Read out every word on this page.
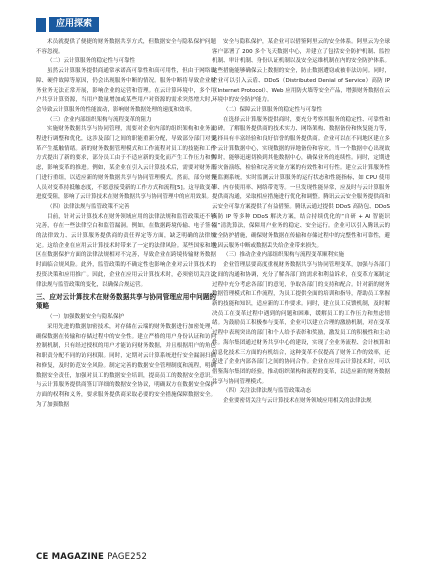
应用探索

术员就提供了便捷的财务数据共享方式，但数据安全与隐私保护问题不容忽视。

（二）云计算服务的稳定性与可靠性

虽然云计算服务提供商通常承诺高可靠性和高可用性，但由于网络故障、硬件故障等原因，仍会出现服务中断的情况。服务中断将导致企业财务业务无法正常开展，影响企业的运营和管理。在云计算环境中，多个用户共享计算资源，当用户数量增加或某些用户对资源的需求突然增大时，会导致云计算服务的性能波动，影响财务数据处理的速度和效率。

（三）企业内部组织架构与流程变革的阻力

实施财务数据共享与协同管理，需要对企业内部的组织架构和业务流程进行调整和优化，这涉及部门之间的职能重新分配，导致部分部门对变革产生抵触情绪。新的财务数据管理模式和工作流程对员工的技能和工作方式提出了新的要求，部分员工由于不适应新的变化而产生工作压力和焦虑，影响变革的推进。例如，某企业在引入云计算技术后，需要对财务部门进行重组，以适应新的财务数据共享与协同管理模式。然而，部分财务人员对变革持抵触态度，不愿意接受新的工作方式和流程[5]。这导致变革进度受阻，影响了云计算技术在财务数据共享与协同管理中的应用效果。

（四）法律法规与监管政策不完善

目前，针对云计算技术在财务领域应用的法律法规和监管政策还不够完善，存在一些法律空白和监管漏洞。例如，在数据跨境传输、电子签名的法律效力、云计算服务提供商的责任界定等方面，缺乏明确的法律规定。这给企业在应用云计算技术时带来了一定的法律风险。某些国家和地区在数据保护方面的法律法规相对不完善，导致企业在跨境传输财务数据时面临合规风险。此外，监管政策的不确定性也影响企业对云计算技术的投资决策和应用推广。因此，企业在应用云计算技术时，必须密切关注法律法规与监管政策的变化，以确保合规运营。

三、应对云计算技术在财务数据共享与协同管理应用中问题的策略

（一）加强数据安全与隐私保护

采用先进的数据加密技术，对存储在云端的财务数据进行加密处理，确保数据在传输和存储过程中的安全性。建立严格的用户身份认证和访问控制机制，只有经过授权的用户才能访问财务数据，并且根据用户的角色和职责分配不同的访问权限。同时，定期对云计算系统进行安全漏洞扫描和修复，及时防范安全风险。制定完善的数据安全管理制度和流程，明确数据安全责任，加强对员工的数据安全培训，提高员工的数据安全意识。与云计算服务提供商签订详细的数据安全协议，明确双方在数据安全保护方面的权利和义务，要求服务提供商采取必要的安全措施保障数据安全。为了加强数据

安全与隐私保护，某企业可以借鉴阿里云的安全体系。阿里云为全球客户部署了 200 多个飞天数据中心，并建立了包括安全防护机制、监控机制、审计机制、身份认证机制以及安全运维机制在内的安全防护体系。这些措施能够确保云上数据的安全，防止数据遭窃或被非法访问。同时，企业可以引入云盾、DDoS（Distributed Denial of Service）高防 IP（Internet Protocol）、Web 应用防火墙等安全产品，增强财务数据在云环境中的安全防护能力。

（二）保障云计算服务的稳定性与可靠性

在选择云计算服务提供商时，要充分考察其服务的稳定性、可靠性和口碑。了解服务提供商的技术实力、网络架构、数据备份和恢复能力等，选择具有丰富经验和良好信誉的服务提供商。企业可以在不同地区建立多个云计算数据中心，实现数据的异地备份和容灾。当一个数据中心出现故障时，能够迅速切换到其他数据中心，确保业务的连续性。同时，定期进行灾备演练，检验和完善灾备方案的有效性和可行性。建立云计算服务性能监测系统，实时监测云计算服务的运行状态和性能指标，如 CPU 使用率、内存使用率、网络带宽等。一旦发现性能异常，应及时与云计算服务提供商沟通，采取相应措施进行优化和调整。腾讯云云安全服务提供商和云安全可靠方案提供了有益借鉴。腾讯云通过提供 DDoS 高防包、DDoS 高防 IP 等多种 DDoS 解决方案，结合持续优化的“自研 + AI 智能识别”清洗算法，保障用户业务的稳定、安全运行。企业可以引入腾讯云的安全防护措施，确保财务数据在传输和存储过程中的完整性和可靠性，避免因云服务中断或数据丢失给企业带来损失。

（三）推动企业内部组织架构与流程变革顺利实施

企业管理层要高度重视财务数据共享与协同管理变革，加强与各部门之间的沟通和协调，充分了解各部门的需求和利益诉求，在变革方案制定过程中充分考虑各部门的意见，争取各部门的支持和配合。针对新的财务数据管理模式和工作流程，为员工提供全面的培训和指导，帮助员工掌握新的技能和知识，适应新的工作要求。同时，建立员工反馈机制，及时解决员工在变革过程中遇到的问题和困难，缓解员工的工作压力和焦虑情绪。为鼓励员工积极参与变革，企业可以建立合理的激励机制，对在变革过程中表现突出的部门和个人给予表彰和奖励，激发员工的积极性和主动性。海尔集团通过财务共享中心的建设，实现了全业务流程、会计核算和信息化技术三方面的有机结合，这种变革不仅提高了财务工作的效率，还促进了企业内部各部门之间的协同合作。企业在应用云计算技术时，可以借鉴海尔集团的经验，推动组织架构和流程的变革，以适应新的财务数据共享与协同管理模式。

（四）关注法律法规与监管政策动态

企业要密切关注与云计算技术在财务领域应用相关的法律法规

CE MAGAZINE PAGE252
